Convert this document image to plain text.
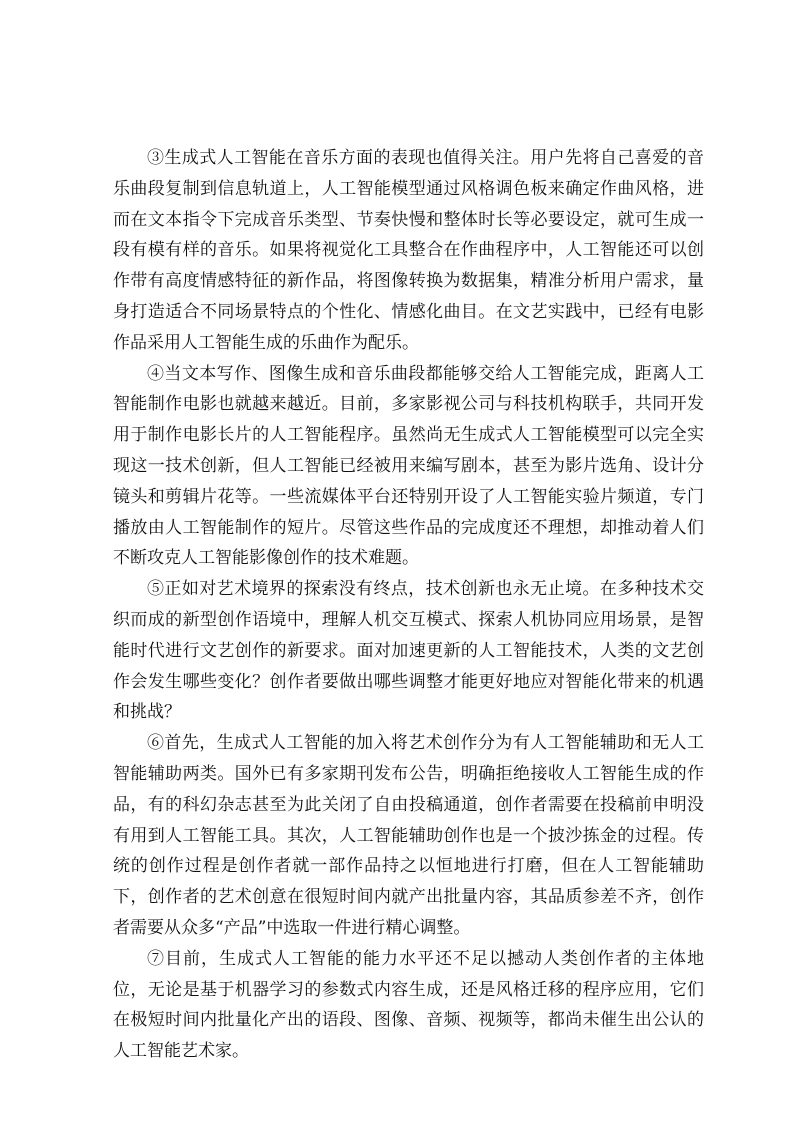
③生成式人工智能在音乐方面的表现也值得关注。用户先将自己喜爱的音乐曲段复制到信息轨道上，人工智能模型通过风格调色板来确定作曲风格，进而在文本指令下完成音乐类型、节奏快慢和整体时长等必要设定，就可生成一段有模有样的音乐。如果将视觉化工具整合在作曲程序中，人工智能还可以创作带有高度情感特征的新作品，将图像转换为数据集，精准分析用户需求，量身打造适合不同场景特点的个性化、情感化曲目。在文艺实践中，已经有电影作品采用人工智能生成的乐曲作为配乐。

④当文本写作、图像生成和音乐曲段都能够交给人工智能完成，距离人工智能制作电影也就越来越近。目前，多家影视公司与科技机构联手，共同开发用于制作电影长片的人工智能程序。虽然尚无生成式人工智能模型可以完全实现这一技术创新，但人工智能已经被用来编写剧本，甚至为影片选角、设计分镜头和剪辑片花等。一些流媒体平台还特别开设了人工智能实验片频道，专门播放由人工智能制作的短片。尽管这些作品的完成度还不理想，却推动着人们不断攻克人工智能影像创作的技术难题。

⑤正如对艺术境界的探索没有终点，技术创新也永无止境。在多种技术交织而成的新型创作语境中，理解人机交互模式、探索人机协同应用场景，是智能时代进行文艺创作的新要求。面对加速更新的人工智能技术，人类的文艺创作会发生哪些变化？创作者要做出哪些调整才能更好地应对智能化带来的机遇和挑战？

⑥首先，生成式人工智能的加入将艺术创作分为有人工智能辅助和无人工智能辅助两类。国外已有多家期刊发布公告，明确拒绝接收人工智能生成的作品，有的科幻杂志甚至为此关闭了自由投稿通道，创作者需要在投稿前申明没有用到人工智能工具。其次，人工智能辅助创作也是一个披沙拣金的过程。传统的创作过程是创作者就一部作品持之以恒地进行打磨，但在人工智能辅助下，创作者的艺术创意在很短时间内就产出批量内容，其品质参差不齐，创作者需要从众多“产品”中选取一件进行精心调整。

⑦目前，生成式人工智能的能力水平还不足以撼动人类创作者的主体地位，无论是基于机器学习的参数式内容生成，还是风格迁移的程序应用，它们在极短时间内批量化产出的语段、图像、音频、视频等，都尚未催生出公认的人工智能艺术家。
